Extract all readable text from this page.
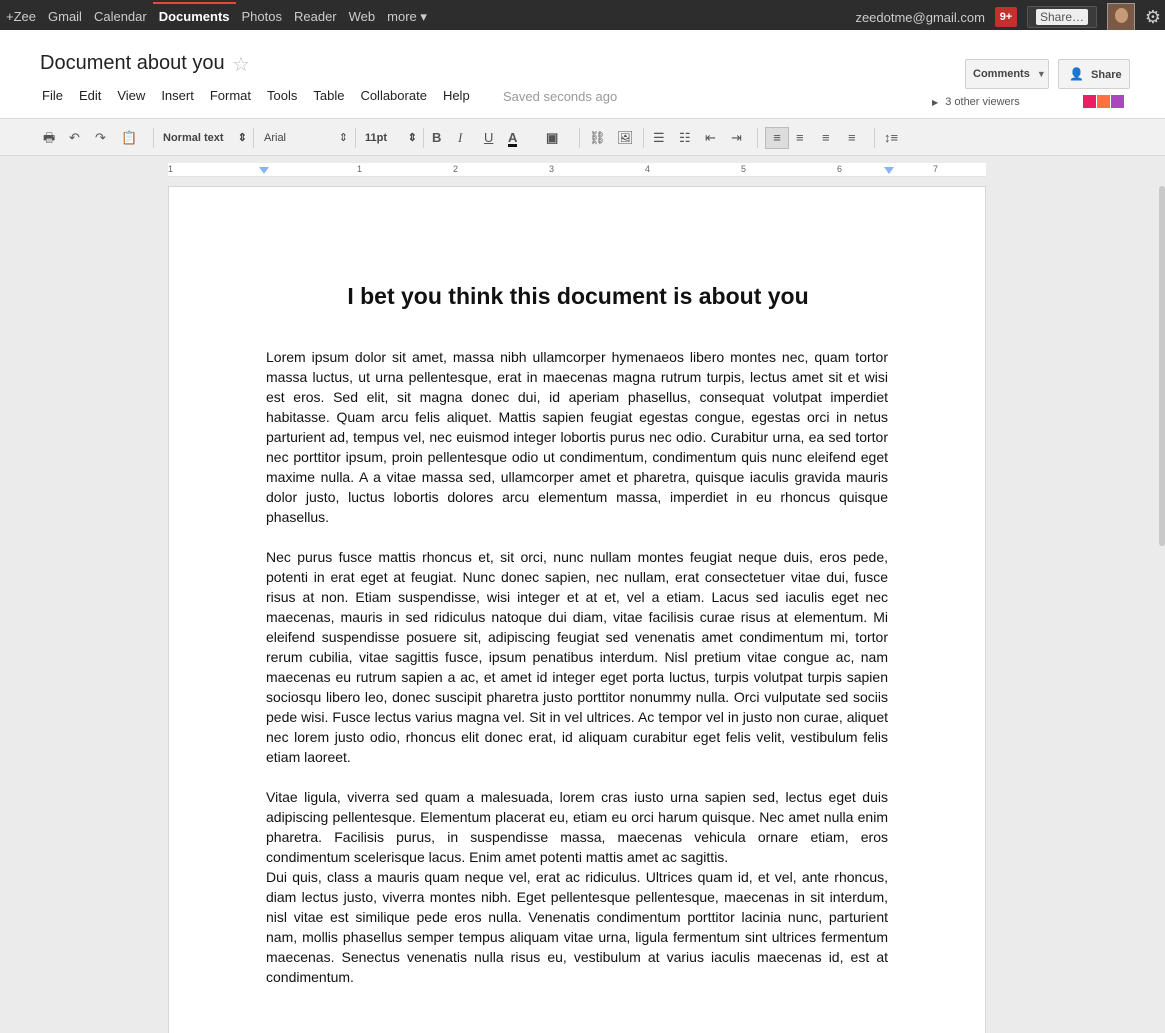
+Zee Gmail Calendar Documents Photos Reader Web more ▾	zeedotme@gmail.com	9+	Share…	⚙
Document about you ☆
File	Edit	View	Insert	Format	Tools	Table	Collaborate	Help	Saved seconds ago
Comments ▼	👤 Share
▶ 3 other viewers
🖶 ↶ ↷ 📋 Normal text ⇕ Arial	⇕ 11pt ⇕ B I U A ▣ ⛓ 🖼 ☰ ☷ ⇤ ⇥	≡	≡ ≡ ≡ ↕≡
1	1	2	3	4	5	6	7
I bet you think this document is about you

Lorem ipsum dolor sit amet, massa nibh ullamcorper hymenaeos libero montes nec, quam tortor massa luctus, ut urna pellentesque, erat in maecenas magna rutrum turpis, lectus amet sit et wisi est eros. Sed elit, sit magna donec dui, id aperiam phasellus, consequat volutpat imperdiet habitasse. Quam arcu felis aliquet. Mattis sapien feugiat egestas congue, egestas orci in netus parturient ad, tempus vel, nec euismod integer lobortis purus nec odio. Curabitur urna, ea sed tortor nec porttitor ipsum, proin pellentesque odio ut condimentum, condimentum quis nunc eleifend eget maxime nulla. A a vitae massa sed, ullamcorper amet et pharetra, quisque iaculis gravida mauris dolor justo, luctus lobortis dolores arcu elementum massa, imperdiet in eu rhoncus quisque phasellus.

Nec purus fusce mattis rhoncus et, sit orci, nunc nullam montes feugiat neque duis, eros pede, potenti in erat eget at feugiat. Nunc donec sapien, nec nullam, erat consectetuer vitae dui, fusce risus at non. Etiam suspendisse, wisi integer et at et, vel a etiam. Lacus sed iaculis eget nec maecenas, mauris in sed ridiculus natoque dui diam, vitae facilisis curae risus at elementum. Mi eleifend suspendisse posuere sit, adipiscing feugiat sed venenatis amet condimentum mi, tortor rerum cubilia, vitae sagittis fusce, ipsum penatibus interdum. Nisl pretium vitae congue ac, nam maecenas eu rutrum sapien a ac, et amet id integer eget porta luctus, turpis volutpat turpis sapien sociosqu libero leo, donec suscipit pharetra justo porttitor nonummy nulla. Orci vulputate sed sociis pede wisi. Fusce lectus varius magna vel. Sit in vel ultrices. Ac tempor vel in justo non curae, aliquet nec lorem justo odio, rhoncus elit donec erat, id aliquam curabitur eget felis velit, vestibulum felis etiam laoreet.

Vitae ligula, viverra sed quam a malesuada, lorem cras iusto urna sapien sed, lectus eget duis adipiscing pellentesque. Elementum placerat eu, etiam eu orci harum quisque. Nec amet nulla enim pharetra. Facilisis purus, in suspendisse massa, maecenas vehicula ornare etiam, eros condimentum scelerisque lacus. Enim amet potenti mattis amet ac sagittis.

Dui quis, class a mauris quam neque vel, erat ac ridiculus. Ultrices quam id, et vel, ante rhoncus, diam lectus justo, viverra montes nibh. Eget pellentesque pellentesque, maecenas in sit interdum, nisl vitae est similique pede eros nulla. Venenatis condimentum porttitor lacinia nunc, parturient nam, mollis phasellus semper tempus aliquam vitae urna, ligula fermentum sint ultrices fermentum maecenas. Senectus venenatis nulla risus eu, vestibulum at varius iaculis maecenas id, est at condimentum.
